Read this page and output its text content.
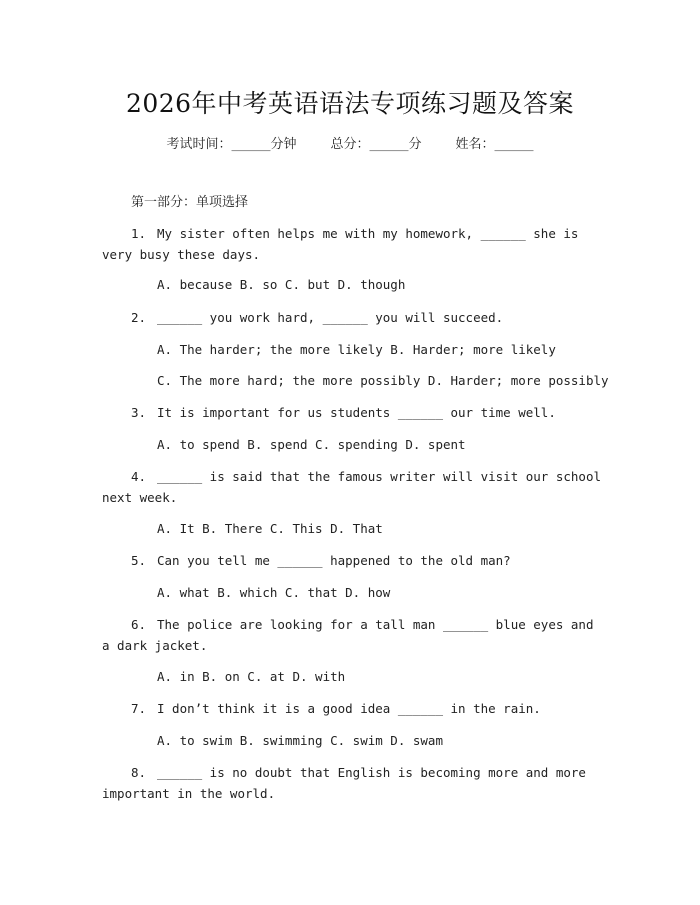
2026年中考英语语法专项练习题及答案
考试时间：______分钟	总分：______分	姓名：______
第一部分：单项选择
1. My sister often helps me with my homework, ______ she is very busy these days.
A. because B. so C. but D. though
2. ______ you work hard, ______ you will succeed.
A. The harder; the more likely B. Harder; more likely
C. The more hard; the more possibly D. Harder; more possibly
3. It is important for us students ______ our time well.
A. to spend B. spend C. spending D. spent
4. ______ is said that the famous writer will visit our school next week.
A. It B. There C. This D. That
5. Can you tell me ______ happened to the old man?
A. what B. which C. that D. how
6. The police are looking for a tall man ______ blue eyes and a dark jacket.
A. in B. on C. at D. with
7. I don’t think it is a good idea ______ in the rain.
A. to swim B. swimming C. swim D. swam
8. ______ is no doubt that English is becoming more and more important in the world.
